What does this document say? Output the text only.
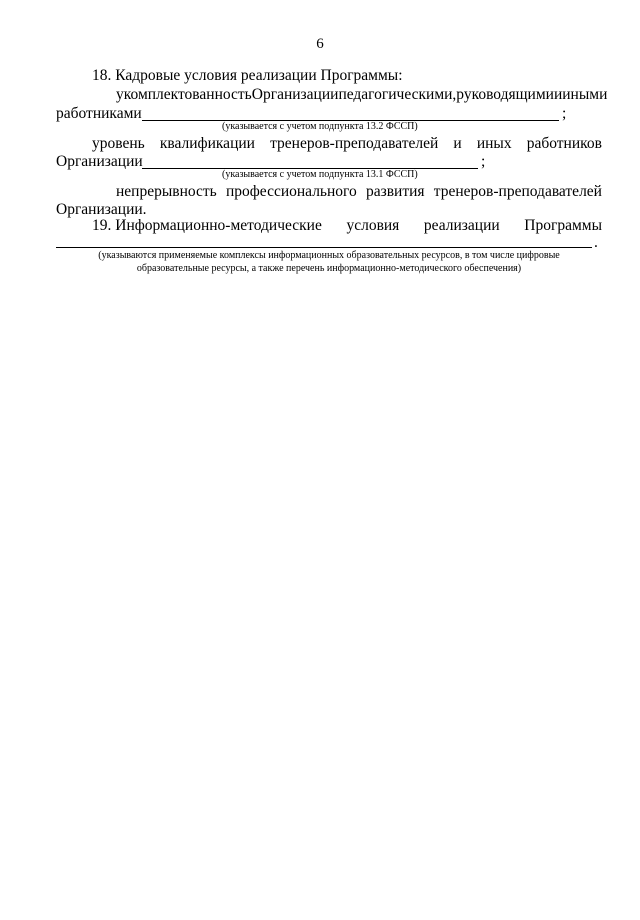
6
18. Кадровые условия реализации Программы:
укомплектованность Организации педагогическими, руководящими и иными
работниками	;
(указывается с учетом подпункта 13.2 ФССП)
уровень квалификации тренеров-преподавателей и иных работников
Организации	;
(указывается с учетом подпункта 13.1 ФССП)
непрерывность профессионального развития тренеров-преподавателей
Организации.
19. Информационно-методические условия реализации Программы
.
(указываются применяемые комплексы информационных образовательных ресурсов, в том числе цифровые
образовательные ресурсы, а также перечень информационно-методического обеспечения)
